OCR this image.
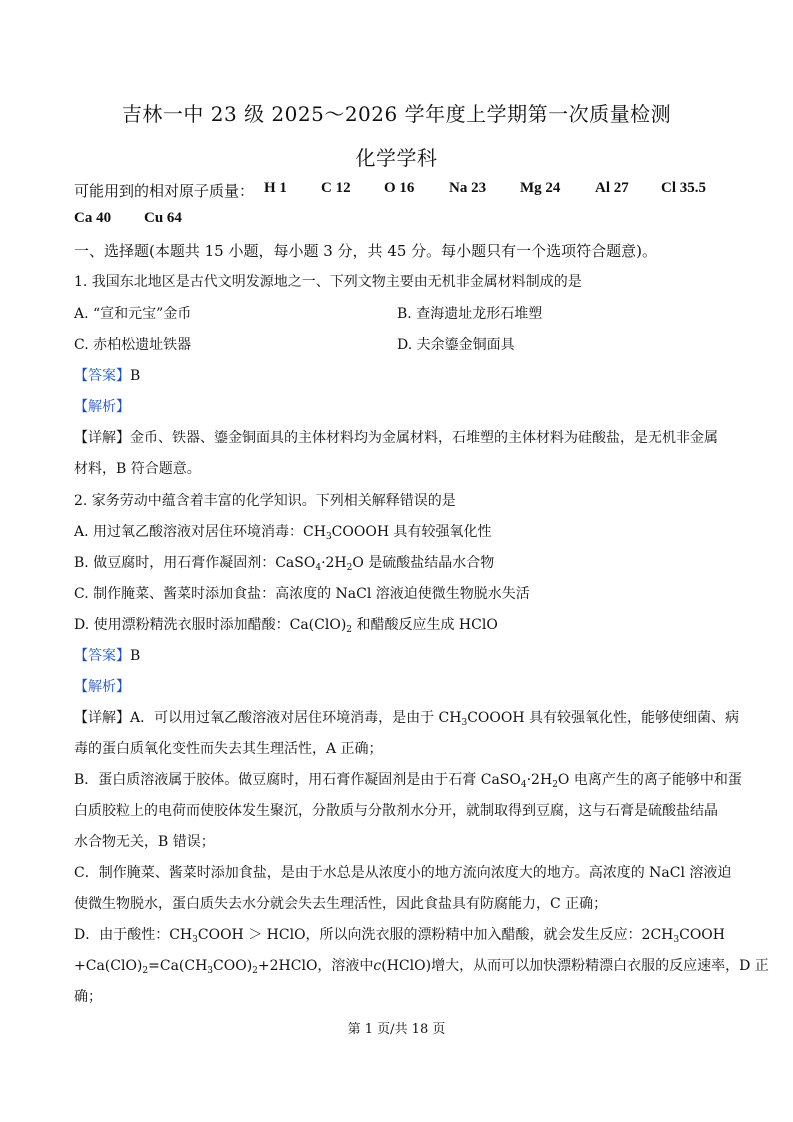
吉林一中 23 级 2025～2026 学年度上学期第一次质量检测
化学学科
可能用到的相对原子质量： H 1 C 12 O 16 Na 23 Mg 24 Al 27 Cl 35.5
Ca 40 Cu 64
一、选择题(本题共 15 小题，每小题 3 分，共 45 分。每小题只有一个选项符合题意)。
1. 我国东北地区是古代文明发源地之一、下列文物主要由无机非金属材料制成的是
A. “宣和元宝”金币	B. 查海遗址龙形石堆塑
C. 赤柏松遗址铁器	D. 夫余鎏金铜面具
【答案】B
【解析】
【详解】金币、铁器、鎏金铜面具的主体材料均为金属材料，石堆塑的主体材料为硅酸盐，是无机非金属
材料，B 符合题意。
2. 家务劳动中蕴含着丰富的化学知识。下列相关解释错误的是
A. 用过氧乙酸溶液对居住环境消毒：$CH_3COOOH$ 具有较强氧化性
B. 做豆腐时，用石膏作凝固剂：$CaSO_4\cdot 2H_2O$ 是硫酸盐结晶水合物
C. 制作腌菜、酱菜时添加食盐：高浓度的 NaCl 溶液迫使微生物脱水失活
D. 使用漂粉精洗衣服时添加醋酸：$Ca(ClO)_2$ 和醋酸反应生成 HClO
【答案】B
【解析】
【详解】A．可以用过氧乙酸溶液对居住环境消毒，是由于 $CH_3COOOH$ 具有较强氧化性，能够使细菌、病
毒的蛋白质氧化变性而失去其生理活性，A 正确；
B．蛋白质溶液属于胶体。做豆腐时，用石膏作凝固剂是由于石膏 $CaSO_4\cdot 2H_2O$ 电离产生的离子能够中和蛋
白质胶粒上的电荷而使胶体发生聚沉，分散质与分散剂水分开，就制取得到豆腐，这与石膏是硫酸盐结晶
水合物无关，B 错误；
C．制作腌菜、酱菜时添加食盐，是由于水总是从浓度小的地方流向浓度大的地方。高浓度的 NaCl 溶液迫
使微生物脱水，蛋白质失去水分就会失去生理活性，因此食盐具有防腐能力，C 正确；
D．由于酸性：$CH_3COOH$ ＞ HClO，所以向洗衣服的漂粉精中加入醋酸，就会发生反应：$2CH_3COOH$
$+Ca(ClO)_2=Ca(CH_3COO)_2+2HClO$，溶液中c(HClO)增大，从而可以加快漂粉精漂白衣服的反应速率，D 正
确；
第 1 页/共 18 页
